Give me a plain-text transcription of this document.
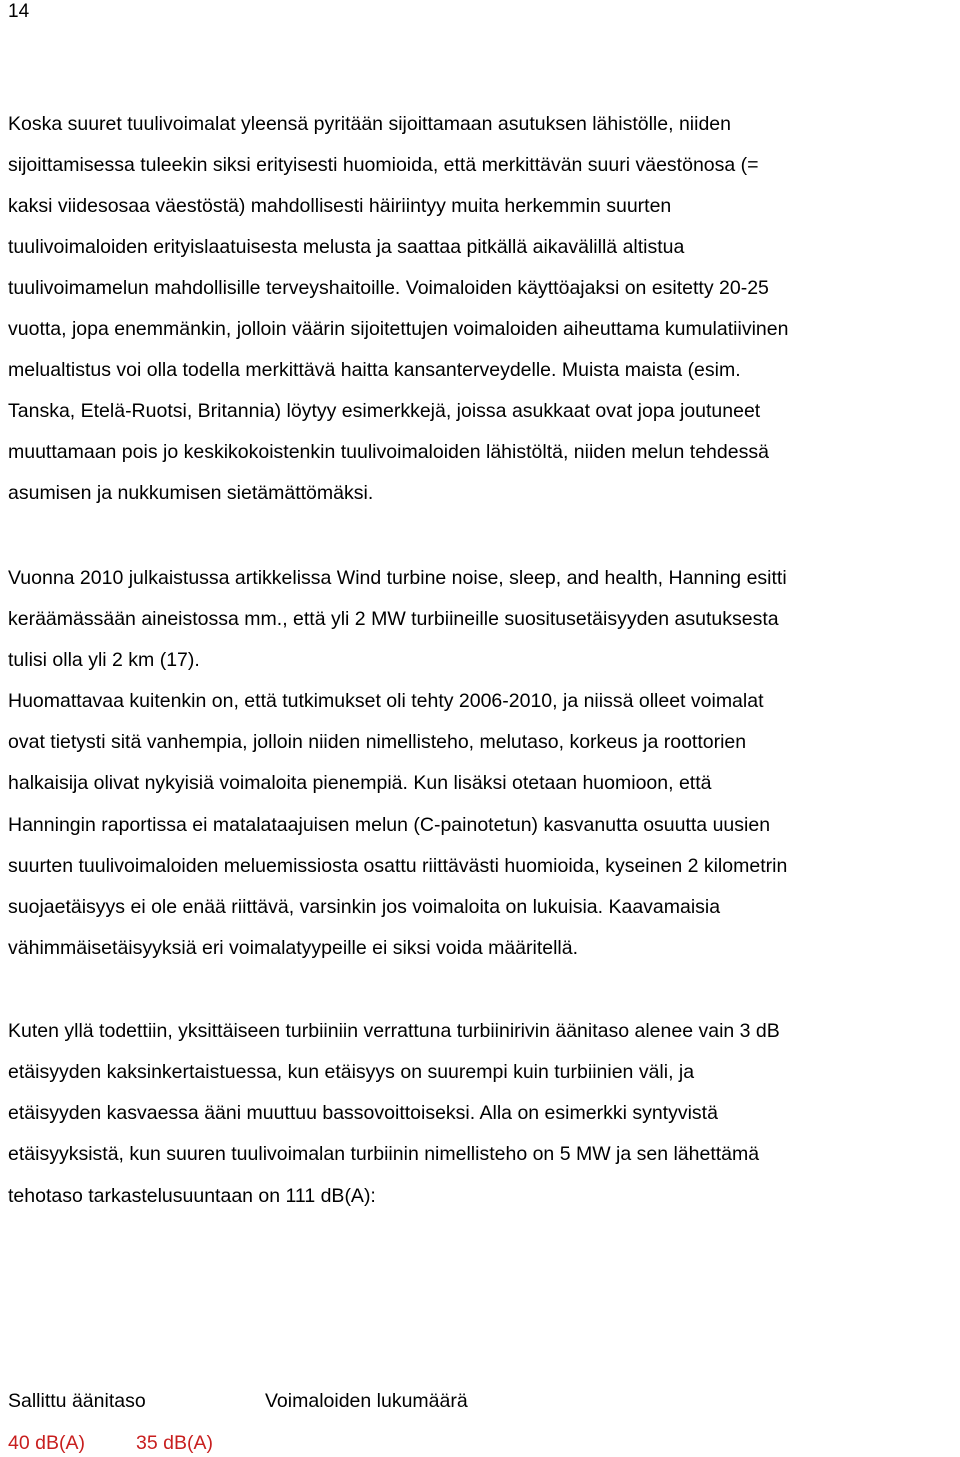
14

Koska suuret tuulivoimalat yleensä pyritään sijoittamaan asutuksen lähistölle, niiden

sijoittamisessa tuleekin siksi erityisesti huomioida, että merkittävän suuri väestönosa (=

kaksi viidesosaa väestöstä) mahdollisesti häiriintyy muita herkemmin suurten

tuulivoimaloiden erityislaatuisesta melusta ja saattaa pitkällä aikavälillä altistua

tuulivoimamelun mahdollisille terveyshaitoille. Voimaloiden käyttöajaksi on esitetty 20-25

vuotta, jopa enemmänkin, jolloin väärin sijoitettujen voimaloiden aiheuttama kumulatiivinen

melualtistus voi olla todella merkittävä haitta kansanterveydelle. Muista maista (esim.

Tanska, Etelä-Ruotsi, Britannia) löytyy esimerkkejä, joissa asukkaat ovat jopa joutuneet

muuttamaan pois jo keskikokoistenkin tuulivoimaloiden lähistöltä, niiden melun tehdessä

asumisen ja nukkumisen sietämättömäksi.

Vuonna 2010 julkaistussa artikkelissa Wind turbine noise, sleep, and health, Hanning esitti

keräämässään aineistossa mm., että yli 2 MW turbiineille suositusetäisyyden asutuksesta

tulisi olla yli 2 km (17).

Huomattavaa kuitenkin on, että tutkimukset oli tehty 2006-2010, ja niissä olleet voimalat

ovat tietysti sitä vanhempia, jolloin niiden nimellisteho, melutaso, korkeus ja roottorien

halkaisija olivat nykyisiä voimaloita pienempiä. Kun lisäksi otetaan huomioon, että

Hanningin raportissa ei matalataajuisen melun (C-painotetun) kasvanutta osuutta uusien

suurten tuulivoimaloiden meluemissiosta osattu riittävästi huomioida, kyseinen 2 kilometrin

suojaetäisyys ei ole enää riittävä, varsinkin jos voimaloita on lukuisia. Kaavamaisia

vähimmäisetäisyyksiä eri voimalatyypeille ei siksi voida määritellä.

Kuten yllä todettiin, yksittäiseen turbiiniin verrattuna turbiinirivin äänitaso alenee vain 3 dB

etäisyyden kaksinkertaistuessa, kun etäisyys on suurempi kuin turbiinien väli, ja

etäisyyden kasvaessa ääni muuttuu bassovoittoiseksi. Alla on esimerkki syntyvistä

etäisyyksistä, kun suuren tuulivoimalan turbiinin nimellisteho on 5 MW ja sen lähettämä

tehotaso tarkastelusuuntaan on 111 dB(A):

Sallittu äänitaso	Voimaloiden lukumäärä
40 dB(A)	35 dB(A)
